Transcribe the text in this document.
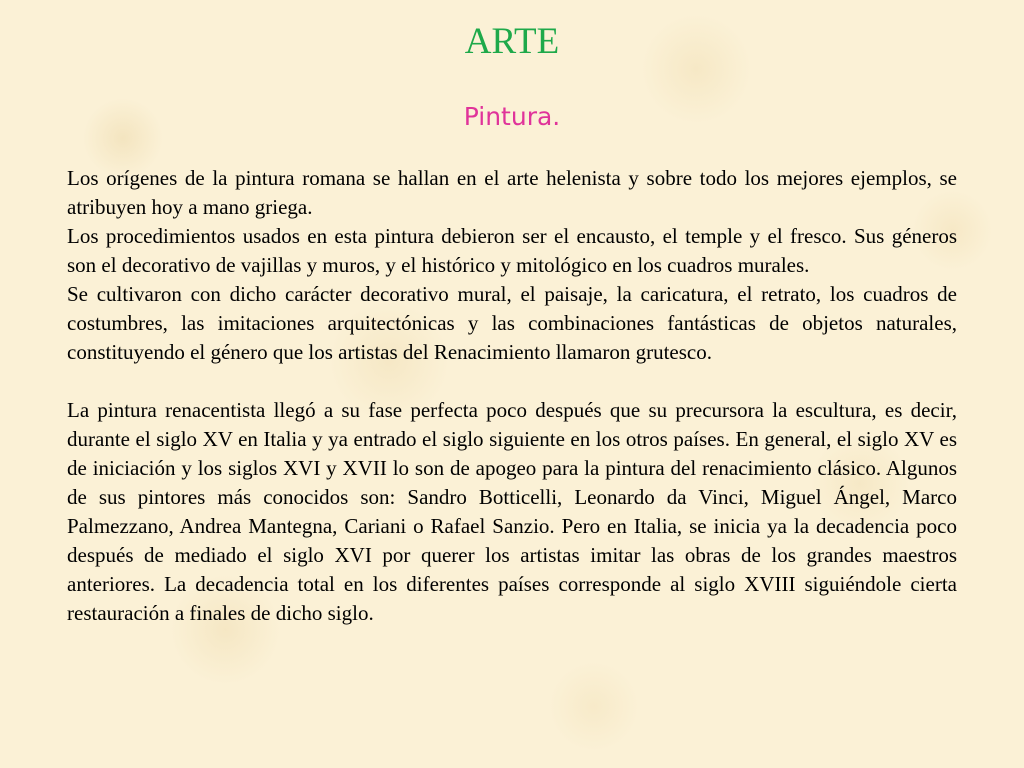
ARTE
Pintura.

Los orígenes de la pintura romana se hallan en el arte helenista y sobre todo los mejores ejemplos, se atribuyen hoy a mano griega.

Los procedimientos usados en esta pintura debieron ser el encausto, el temple y el fresco. Sus géneros son el decorativo de vajillas y muros, y el histórico y mitológico en los cuadros murales.

Se cultivaron con dicho carácter decorativo mural, el paisaje, la caricatura, el retrato, los cuadros de costumbres, las imitaciones arquitectónicas y las combinaciones fantásticas de objetos naturales, constituyendo el género que los artistas del Renacimiento llamaron grutesco.

La pintura renacentista llegó a su fase perfecta poco después que su precursora la escultura, es decir, durante el siglo XV en Italia y ya entrado el siglo siguiente en los otros países. En general, el siglo XV es de iniciación y los siglos XVI y XVII lo son de apogeo para la pintura del renacimiento clásico. Algunos de sus pintores más conocidos son: Sandro Botticelli, Leonardo da Vinci, Miguel Ángel, Marco Palmezzano, Andrea Mantegna, Cariani o Rafael Sanzio. Pero en Italia, se inicia ya la decadencia poco después de mediado el siglo XVI por querer los artistas imitar las obras de los grandes maestros anteriores. La decadencia total en los diferentes países corresponde al siglo XVIII siguiéndole cierta restauración a finales de dicho siglo.
